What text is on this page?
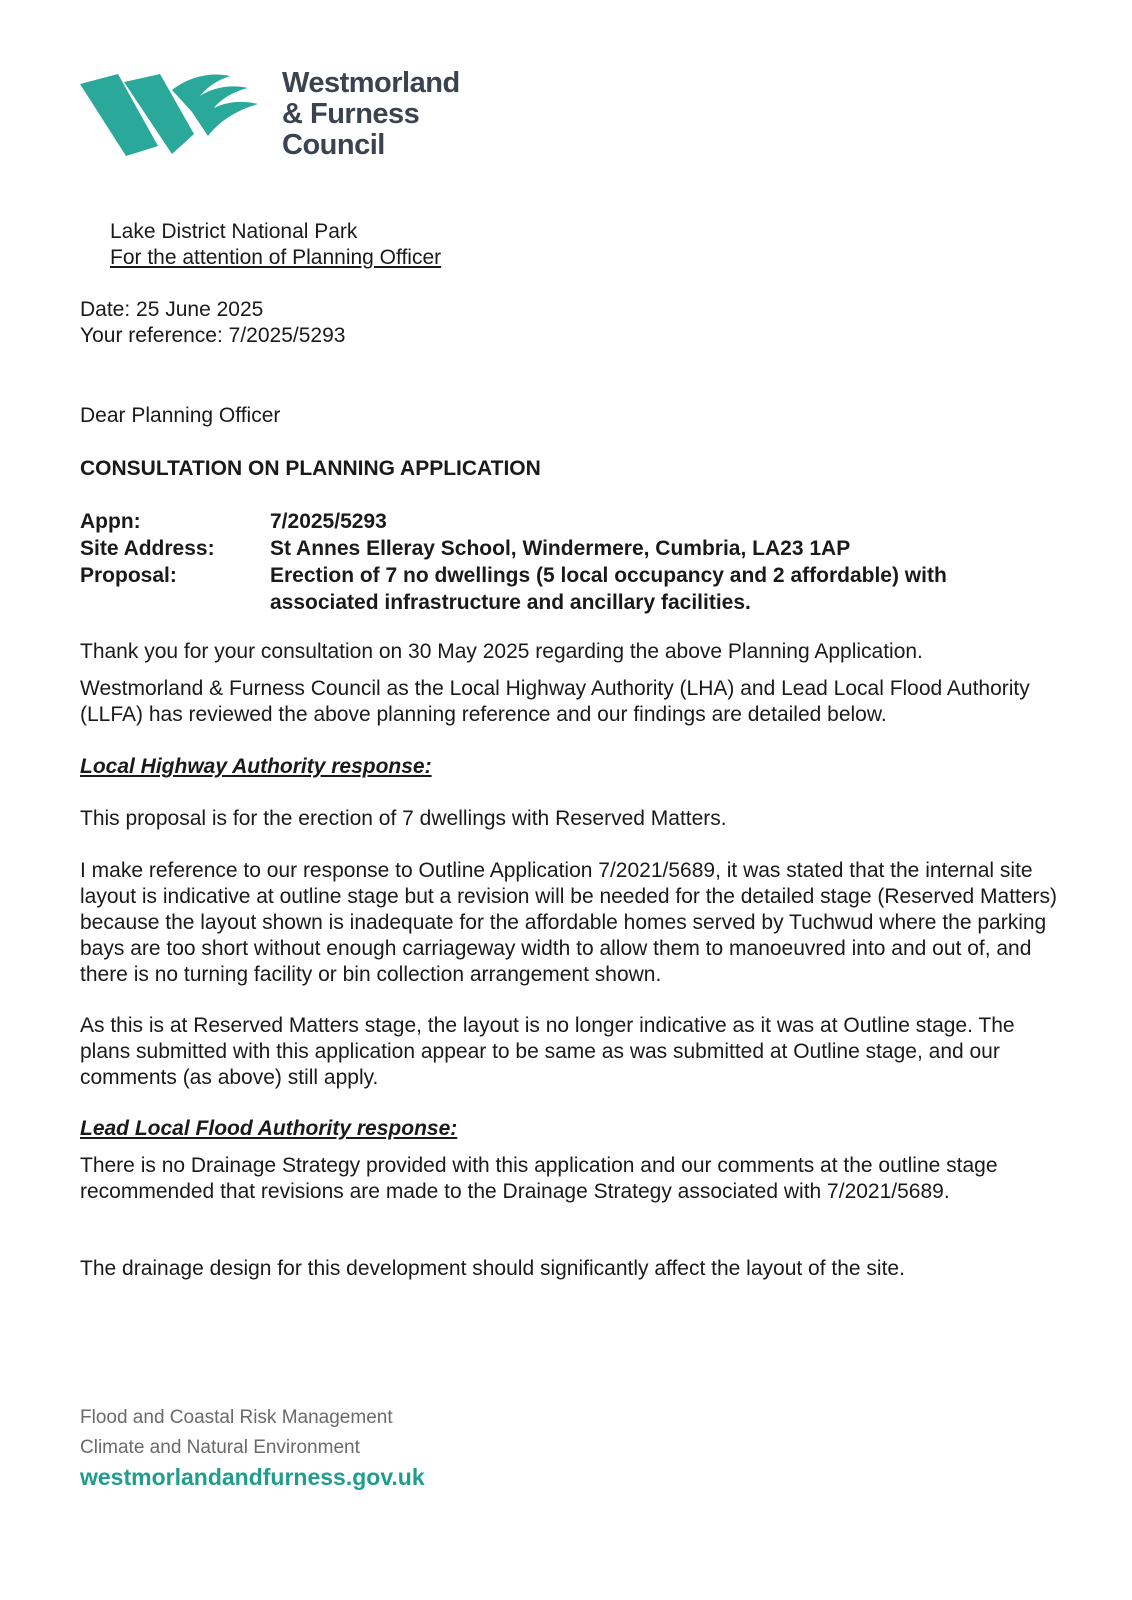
Westmorland
& Furness
Council
Lake District National Park
For the attention of Planning Officer
Date: 25 June 2025
Your reference: 7/2025/5293
Dear Planning Officer
CONSULTATION ON PLANNING APPLICATION
Appn:	7/2025/5293
Site Address:	St Annes Elleray School, Windermere, Cumbria, LA23 1AP
Proposal:	Erection of 7 no dwellings (5 local occupancy and 2 affordable) with associated infrastructure and ancillary facilities.
Thank you for your consultation on 30 May 2025 regarding the above Planning Application.
Westmorland & Furness Council as the Local Highway Authority (LHA) and Lead Local Flood Authority (LLFA) has reviewed the above planning reference and our findings are detailed below.
Local Highway Authority response:
This proposal is for the erection of 7 dwellings with Reserved Matters.
I make reference to our response to Outline Application 7/2021/5689, it was stated that the internal site layout is indicative at outline stage but a revision will be needed for the detailed stage (Reserved Matters) because the layout shown is inadequate for the affordable homes served by Tuchwud where the parking bays are too short without enough carriageway width to allow them to manoeuvred into and out of, and there is no turning facility or bin collection arrangement shown.
As this is at Reserved Matters stage, the layout is no longer indicative as it was at Outline stage. The plans submitted with this application appear to be same as was submitted at Outline stage, and our comments (as above) still apply.
Lead Local Flood Authority response:
There is no Drainage Strategy provided with this application and our comments at the outline stage recommended that revisions are made to the Drainage Strategy associated with 7/2021/5689.
The drainage design for this development should significantly affect the layout of the site.
Flood and Coastal Risk Management
Climate and Natural Environment
westmorlandandfurness.gov.uk
